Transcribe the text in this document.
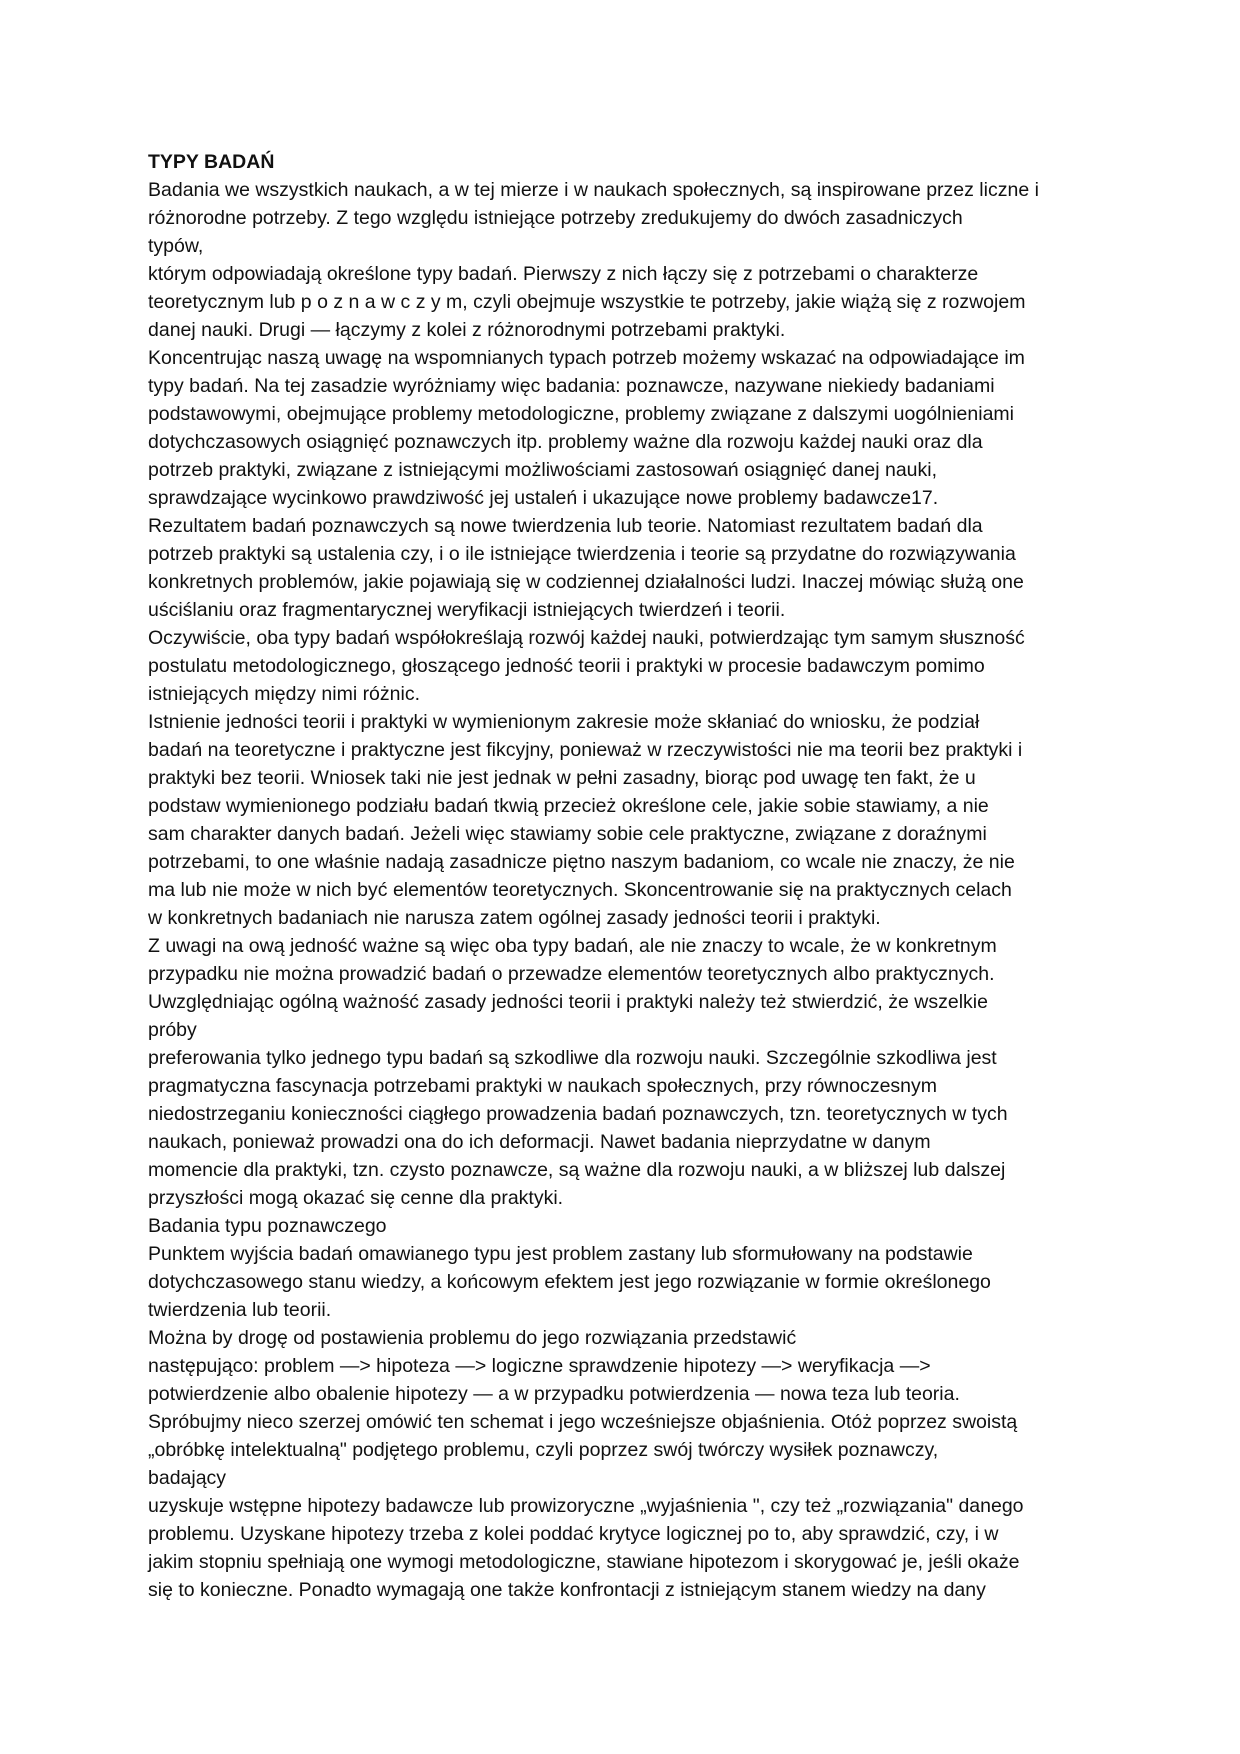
TYPY BADAŃ
Badania we wszystkich naukach, a w tej mierze i w naukach społecznych, są inspirowane przez liczne i
różnorodne potrzeby. Z tego względu istniejące potrzeby zredukujemy do dwóch zasadniczych
typów,
którym odpowiadają określone typy badań. Pierwszy z nich łączy się z potrzebami o charakterze
teoretycznym lub p o z n a w c z y m, czyli obejmuje wszystkie te potrzeby, jakie wiążą się z rozwojem
danej nauki. Drugi — łączymy z kolei z różnorodnymi potrzebami praktyki.
Koncentrując naszą uwagę na wspomnianych typach potrzeb możemy wskazać na odpowiadające im
typy badań. Na tej zasadzie wyróżniamy więc badania: poznawcze, nazywane niekiedy badaniami
podstawowymi, obejmujące problemy metodologiczne, problemy związane z dalszymi uogólnieniami
dotychczasowych osiągnięć poznawczych itp. problemy ważne dla rozwoju każdej nauki oraz dla
potrzeb praktyki, związane z istniejącymi możliwościami zastosowań osiągnięć danej nauki,
sprawdzające wycinkowo prawdziwość jej ustaleń i ukazujące nowe problemy badawcze17.
Rezultatem badań poznawczych są nowe twierdzenia lub teorie. Natomiast rezultatem badań dla
potrzeb praktyki są ustalenia czy, i o ile istniejące twierdzenia i teorie są przydatne do rozwiązywania
konkretnych problemów, jakie pojawiają się w codziennej działalności ludzi. Inaczej mówiąc służą one
uściślaniu oraz fragmentarycznej weryfikacji istniejących twierdzeń i teorii.
Oczywiście, oba typy badań współokreślają rozwój każdej nauki, potwierdzając tym samym słuszność
postulatu metodologicznego, głoszącego jedność teorii i praktyki w procesie badawczym pomimo
istniejących między nimi różnic.
Istnienie jedności teorii i praktyki w wymienionym zakresie może skłaniać do wniosku, że podział
badań na teoretyczne i praktyczne jest fikcyjny, ponieważ w rzeczywistości nie ma teorii bez praktyki i
praktyki bez teorii. Wniosek taki nie jest jednak w pełni zasadny, biorąc pod uwagę ten fakt, że u
podstaw wymienionego podziału badań tkwią przecież określone cele, jakie sobie stawiamy, a nie
sam charakter danych badań. Jeżeli więc stawiamy sobie cele praktyczne, związane z doraźnymi
potrzebami, to one właśnie nadają zasadnicze piętno naszym badaniom, co wcale nie znaczy, że nie
ma lub nie może w nich być elementów teoretycznych. Skoncentrowanie się na praktycznych celach
w konkretnych badaniach nie narusza zatem ogólnej zasady jedności teorii i praktyki.
Z uwagi na ową jedność ważne są więc oba typy badań, ale nie znaczy to wcale, że w konkretnym
przypadku nie można prowadzić badań o przewadze elementów teoretycznych albo praktycznych.
Uwzględniając ogólną ważność zasady jedności teorii i praktyki należy też stwierdzić, że wszelkie
próby
preferowania tylko jednego typu badań są szkodliwe dla rozwoju nauki. Szczególnie szkodliwa jest
pragmatyczna fascynacja potrzebami praktyki w naukach społecznych, przy równoczesnym
niedostrzeganiu konieczności ciągłego prowadzenia badań poznawczych, tzn. teoretycznych w tych
naukach, ponieważ prowadzi ona do ich deformacji. Nawet badania nieprzydatne w danym
momencie dla praktyki, tzn. czysto poznawcze, są ważne dla rozwoju nauki, a w bliższej lub dalszej
przyszłości mogą okazać się cenne dla praktyki.
Badania typu poznawczego
Punktem wyjścia badań omawianego typu jest problem zastany lub sformułowany na podstawie
dotychczasowego stanu wiedzy, a końcowym efektem jest jego rozwiązanie w formie określonego
twierdzenia lub teorii.
Można by drogę od postawienia problemu do jego rozwiązania przedstawić
następująco: problem —> hipoteza —> logiczne sprawdzenie hipotezy —> weryfikacja —>
potwierdzenie albo obalenie hipotezy — a w przypadku potwierdzenia — nowa teza lub teoria.
Spróbujmy nieco szerzej omówić ten schemat i jego wcześniejsze objaśnienia. Otóż poprzez swoistą
„obróbkę intelektualną" podjętego problemu, czyli poprzez swój twórczy wysiłek poznawczy,
badający
uzyskuje wstępne hipotezy badawcze lub prowizoryczne „wyjaśnienia ", czy też „rozwiązania" danego
problemu. Uzyskane hipotezy trzeba z kolei poddać krytyce logicznej po to, aby sprawdzić, czy, i w
jakim stopniu spełniają one wymogi metodologiczne, stawiane hipotezom i skorygować je, jeśli okaże
się to konieczne. Ponadto wymagają one także konfrontacji z istniejącym stanem wiedzy na dany
